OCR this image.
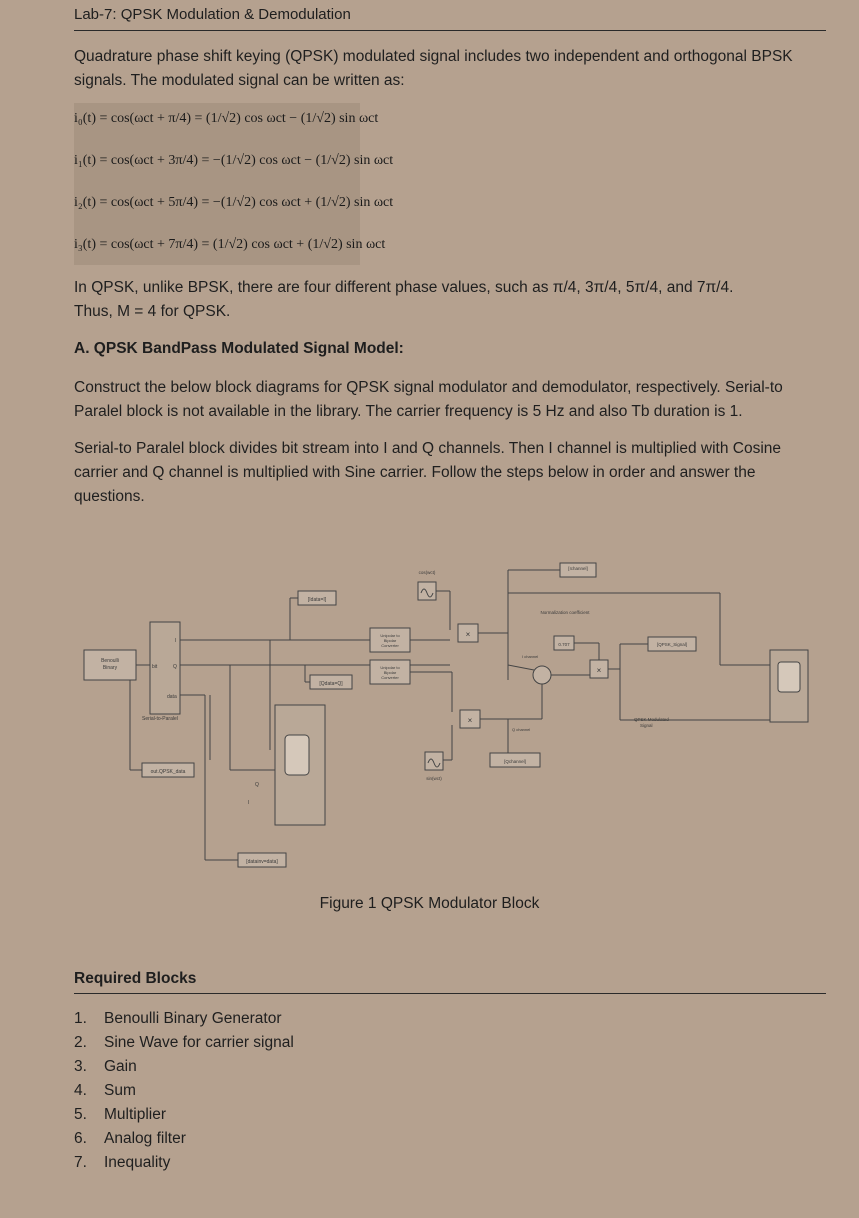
Lab-7: QPSK Modulation & Demodulation
Quadrature phase shift keying (QPSK) modulated signal includes two independent and orthogonal BPSK signals. The modulated signal can be written as:
i₀(t) = cos(ωct + π/4) = (1/√2) cos ωct − (1/√2) sin ωct
i₁(t) = cos(ωct + 3π/4) = −(1/√2) cos ωct − (1/√2) sin ωct
i₂(t) = cos(ωct + 5π/4) = −(1/√2) cos ωct + (1/√2) sin ωct
i₃(t) = cos(ωct + 7π/4) = (1/√2) cos ωct + (1/√2) sin ωct
In QPSK, unlike BPSK, there are four different phase values, such as π/4, 3π/4, 5π/4, and 7π/4.
Thus, M = 4 for QPSK.
A. QPSK BandPass Modulated Signal Model:
Construct the below block diagrams for QPSK signal modulator and demodulator, respectively. Serial-to Paralel block is not available in the library. The carrier frequency is 5 Hz and also Tb duration is 1.
Serial-to Paralel block divides bit stream into I and Q channels. Then I channel is multiplied with Cosine carrier and Q channel is multiplied with Sine carrier. Follow the steps below in order and answer the questions.
Benoulli
Binary	bit
I
Q
data
Serial-to-Paralel
[Idata=I]
[Qdata=Q]
[datainv=data]
out.QPSK_data
Q
I
Unipolar to
Bipolar
Converter
Unipolar to
Bipolar
Converter
cos(wct)
sin(wct)
×
×
×
[Ichannel]
[Qchannel]
[QPSK_Signal]
Normalization coefficient
0.707
I channel
Q channel
QPSK Modulated
Signal
Figure 1 QPSK Modulator Block
Required Blocks
1.	Benoulli Binary Generator
2.	Sine Wave for carrier signal
3.	Gain
4.	Sum
5.	Multiplier
6.	Analog filter
7.	Inequality
